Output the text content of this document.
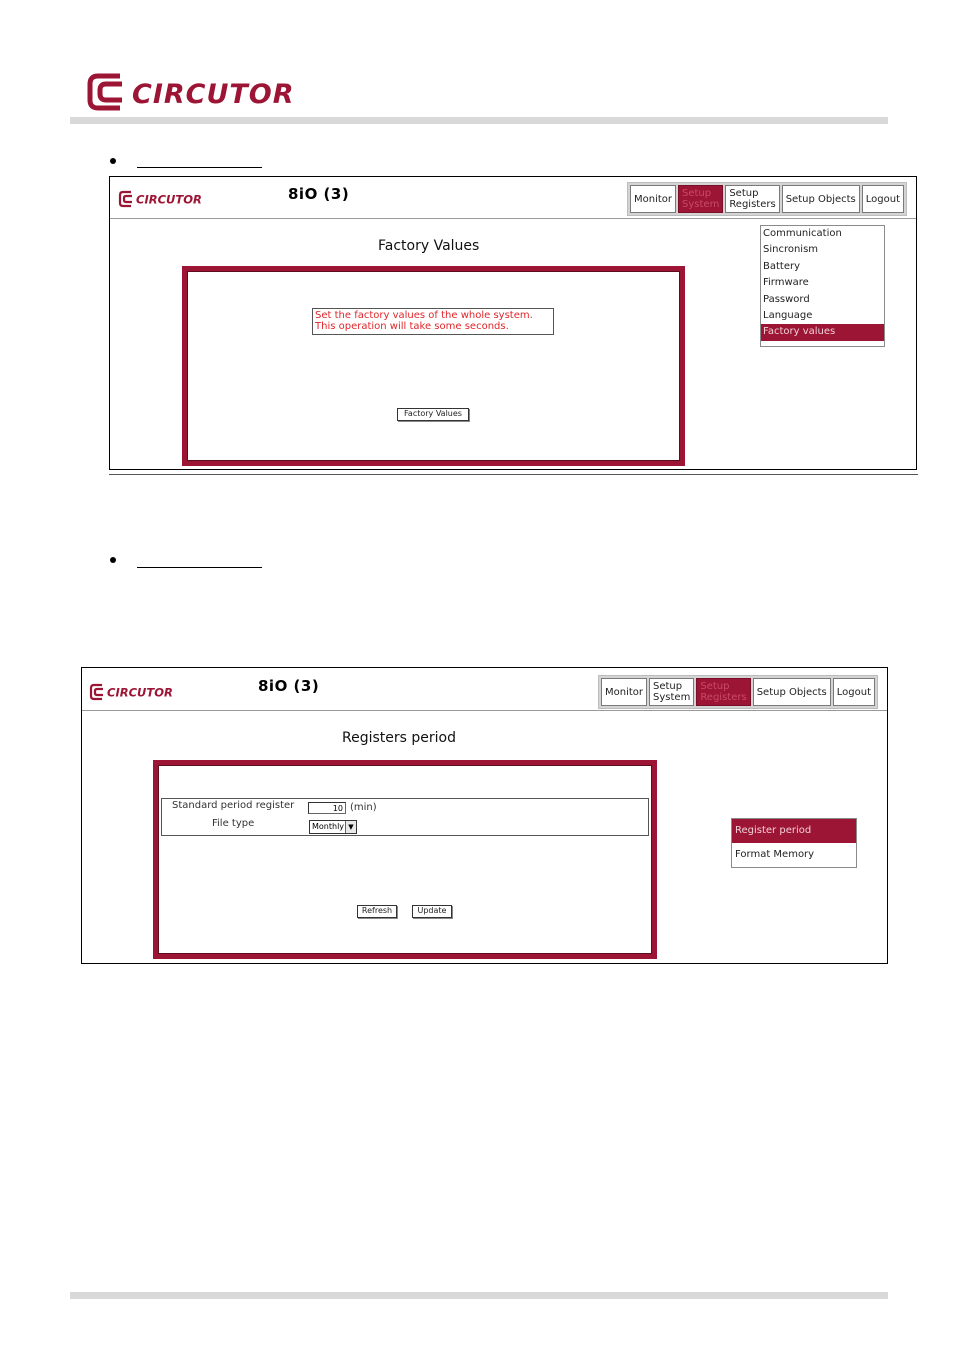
CIRCUTOR
CIRCUTOR	8iO (3)	Monitor Setup
System
Setup
Registers Setup Objects Logout
Factory Values
Set the factory values of the whole system.
This operation will take some seconds.
Factory Values
Communication
Sincronism
Battery
Firmware
Password
Language
Factory values
CIRCUTOR	8iO (3)	Monitor Setup
System
Setup
Registers Setup Objects Logout
Registers period
Standard period register	10 (min)
File type	Monthly ▼
Refresh	Update
Register period
Format Memory
